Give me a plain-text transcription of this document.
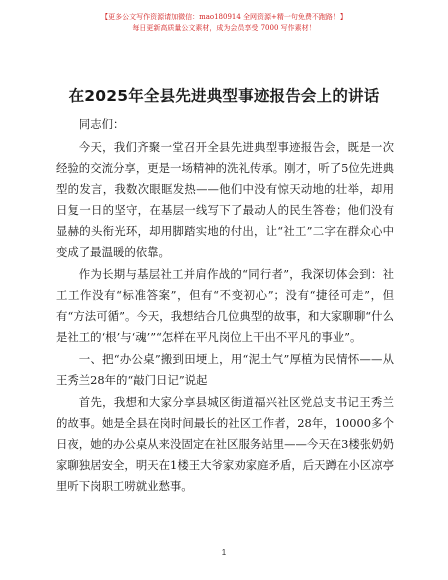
【更多公文写作资源请加微信：mao180914 全网资源+精一句免费不跑路！】
每日更新高质量公文素材，成为会员享受 7000 写作素材！
在2025年全县先进典型事迹报告会上的讲话

同志们：

今天，我们齐聚一堂召开全县先进典型事迹报告会，既是一次经验的交流分享，更是一场精神的洗礼传承。刚才，听了5位先进典型的发言，我数次眼眶发热——他们中没有惊天动地的壮举，却用日复一日的坚守，在基层一线写下了最动人的民生答卷；他们没有显赫的头衔光环，却用脚踏实地的付出，让“社工”二字在群众心中变成了最温暖的依靠。

作为长期与基层社工并肩作战的“同行者”，我深切体会到：社工工作没有“标准答案”，但有“不变初心”；没有“捷径可走”，但有“方法可循”。今天，我想结合几位典型的故事，和大家聊聊“什么是社工的‘根’与‘魂’”“怎样在平凡岗位上干出不平凡的事业”。

一、把“办公桌”搬到田埂上，用“泥土气”厚植为民情怀——从王秀兰28年的“敲门日记”说起

首先，我想和大家分享县城区街道福兴社区党总支书记王秀兰的故事。她是全县在岗时间最长的社区工作者，28年，10000多个日夜，她的办公桌从来没固定在社区服务站里——今天在3楼张奶奶家聊独居安全，明天在1楼王大爷家劝家庭矛盾，后天蹲在小区凉亭里听下岗职工唠就业愁事。

1
